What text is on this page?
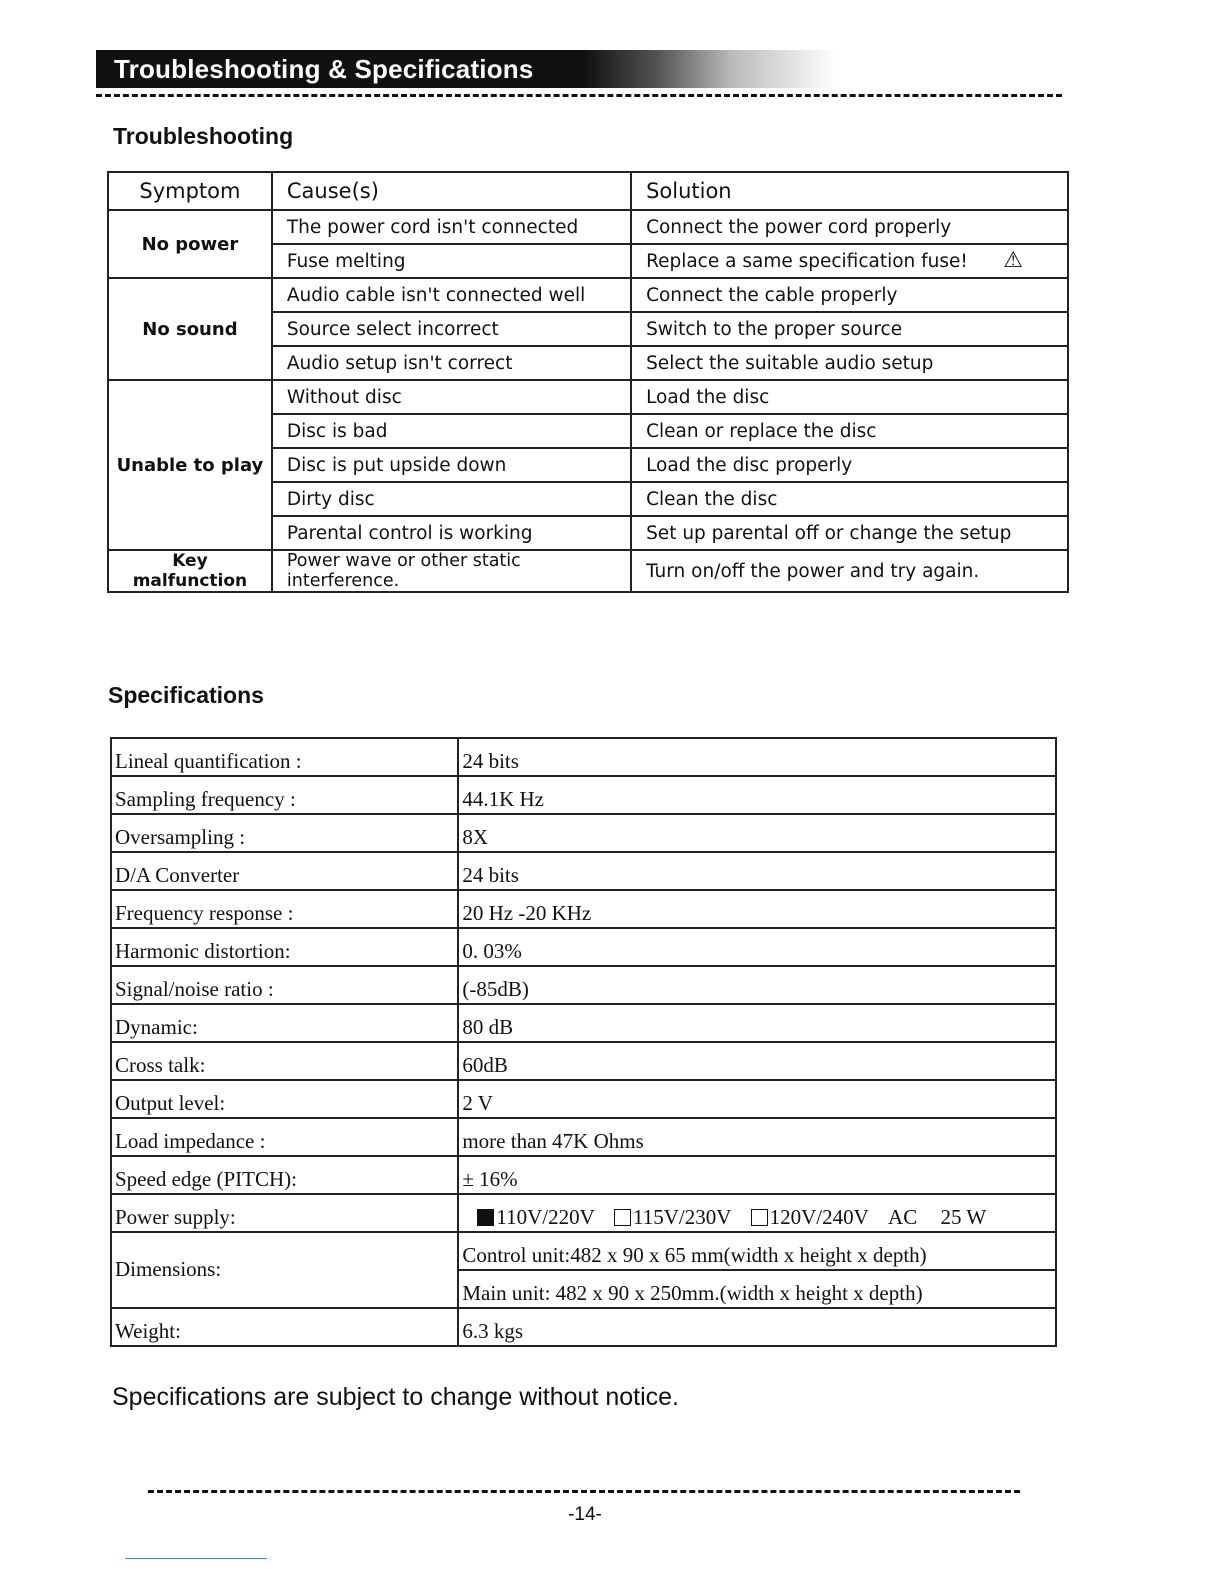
Troubleshooting & Specifications
Troubleshooting
Symptom	Cause(s)	Solution
No power	The power cord isn't connected	Connect the power cord properly
	Fuse melting	Replace a same specification fuse! ⚠

No sound	Audio cable isn't connected well	Connect the cable properly
	Source select incorrect	Switch to the proper source
	Audio setup isn't correct	Select the suitable audio setup
Unable to play	Without disc	Load the disc
	Disc is bad	Clean or replace the disc
	Disc is put upside down	Load the disc properly
	Dirty disc	Clean the disc
	Parental control is working	Set up parental off or change the setup
Key malfunction	Power wave or other static interference.	Turn on/off the power and try again.
Specifications
Lineal quantification :	24 bits
Sampling frequency :	44.1K Hz
Oversampling :	8X
D/A Converter	24 bits
Frequency response :	20 Hz -20 KHz
Harmonic distortion:	0. 03%
Signal/noise ratio :	(-85dB)
Dynamic:	80 dB
Cross talk:	60dB
Output level:	2 V
Load impedance :	more than 47K Ohms
Speed edge (PITCH):	± 16%
Power supply:	110V/220V 115V/230V 120V/240V AC 25 W
Dimensions:	Control unit:482 x 90 x 65 mm(width x height x depth)
	Main unit: 482 x 90 x 250mm.(width x height x depth)
Weight:	6.3 kgs
Specifications are subject to change without notice.
-14-
